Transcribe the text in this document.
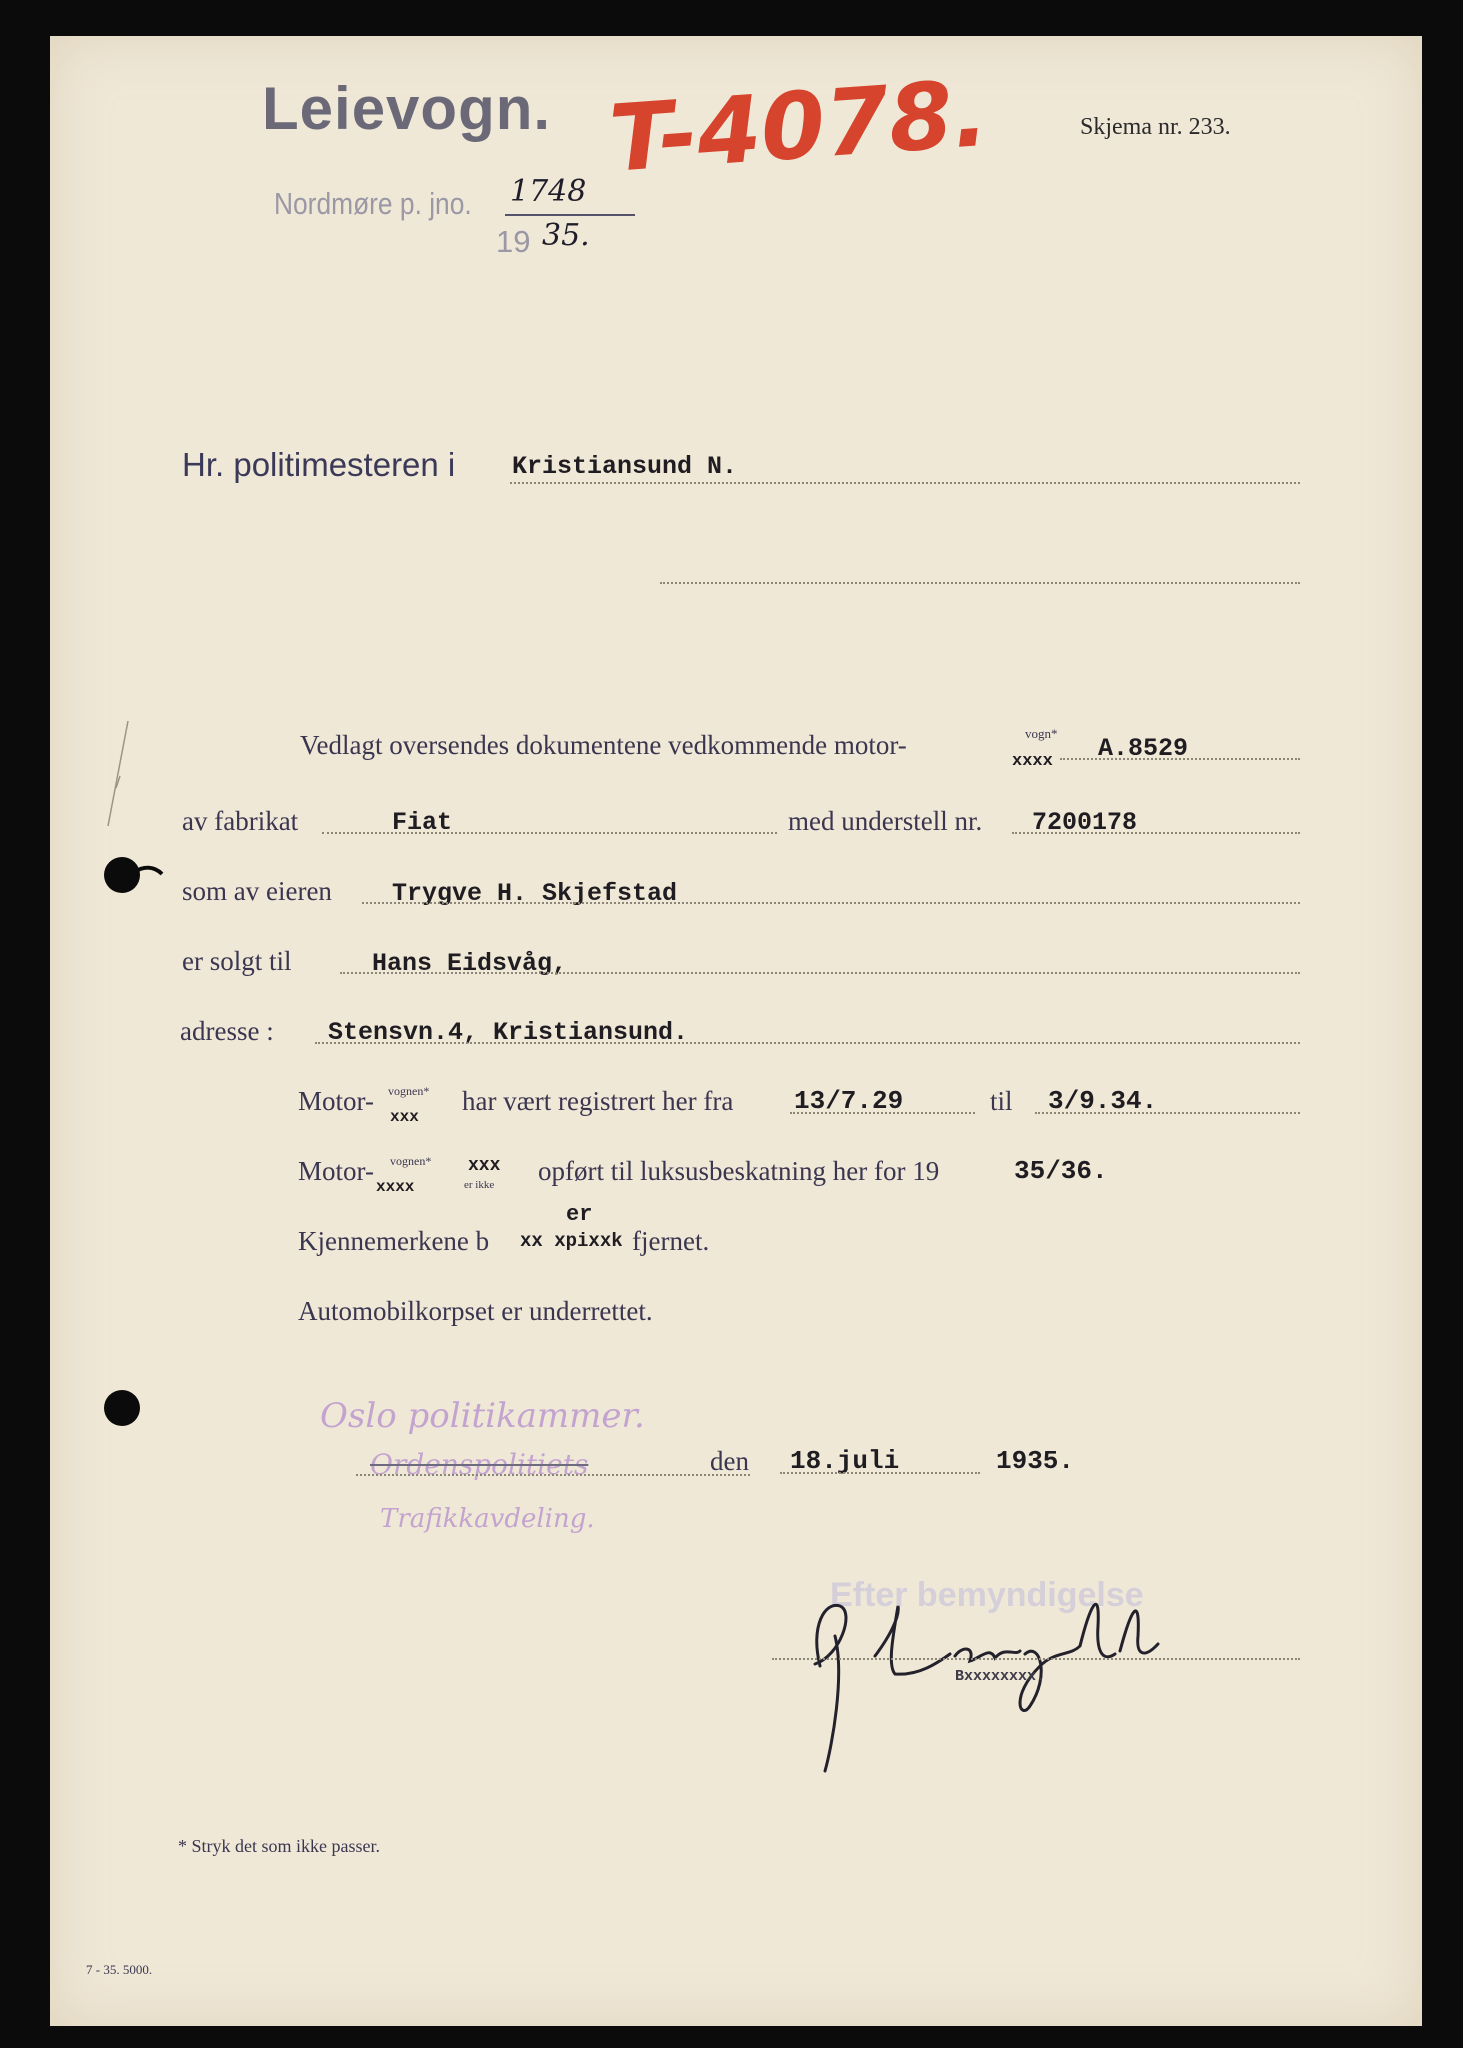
Leievogn. T-4078.	Skjema nr. 233.
Nordmøre p. jno. 1748
19 35.
Hr. politimesteren i Kristiansund N.
Vedlagt oversendes dokumentene vedkommende motor-	vogn*
xxxx A.8529
av fabrikat	Fiat	med understell nr. 7200178
som av eieren Trygve H. Skjefstad
er solgt til	Hans Eidsvåg,
adresse : Stensvn.4, Kristiansund.
Motor- vognen*
xxx
har vært registrert her fra 13/7.29	til 3/9.34.
Motor- vognen*
xxxx
xxx
er ikke opført til luksusbeskatning her for 19	35/36.
Kjennemerkene b
er
xx xpixxk fjernet.
Automobilkorpset er underrettet.
Oslo politikammer.
Ordenspolitiets
Trafikkavdeling.
den 18.juli	1935.
Efter bemyndigelse
Bxxxxxxxx.
* Stryk det som ikke passer.
7 - 35. 5000.
